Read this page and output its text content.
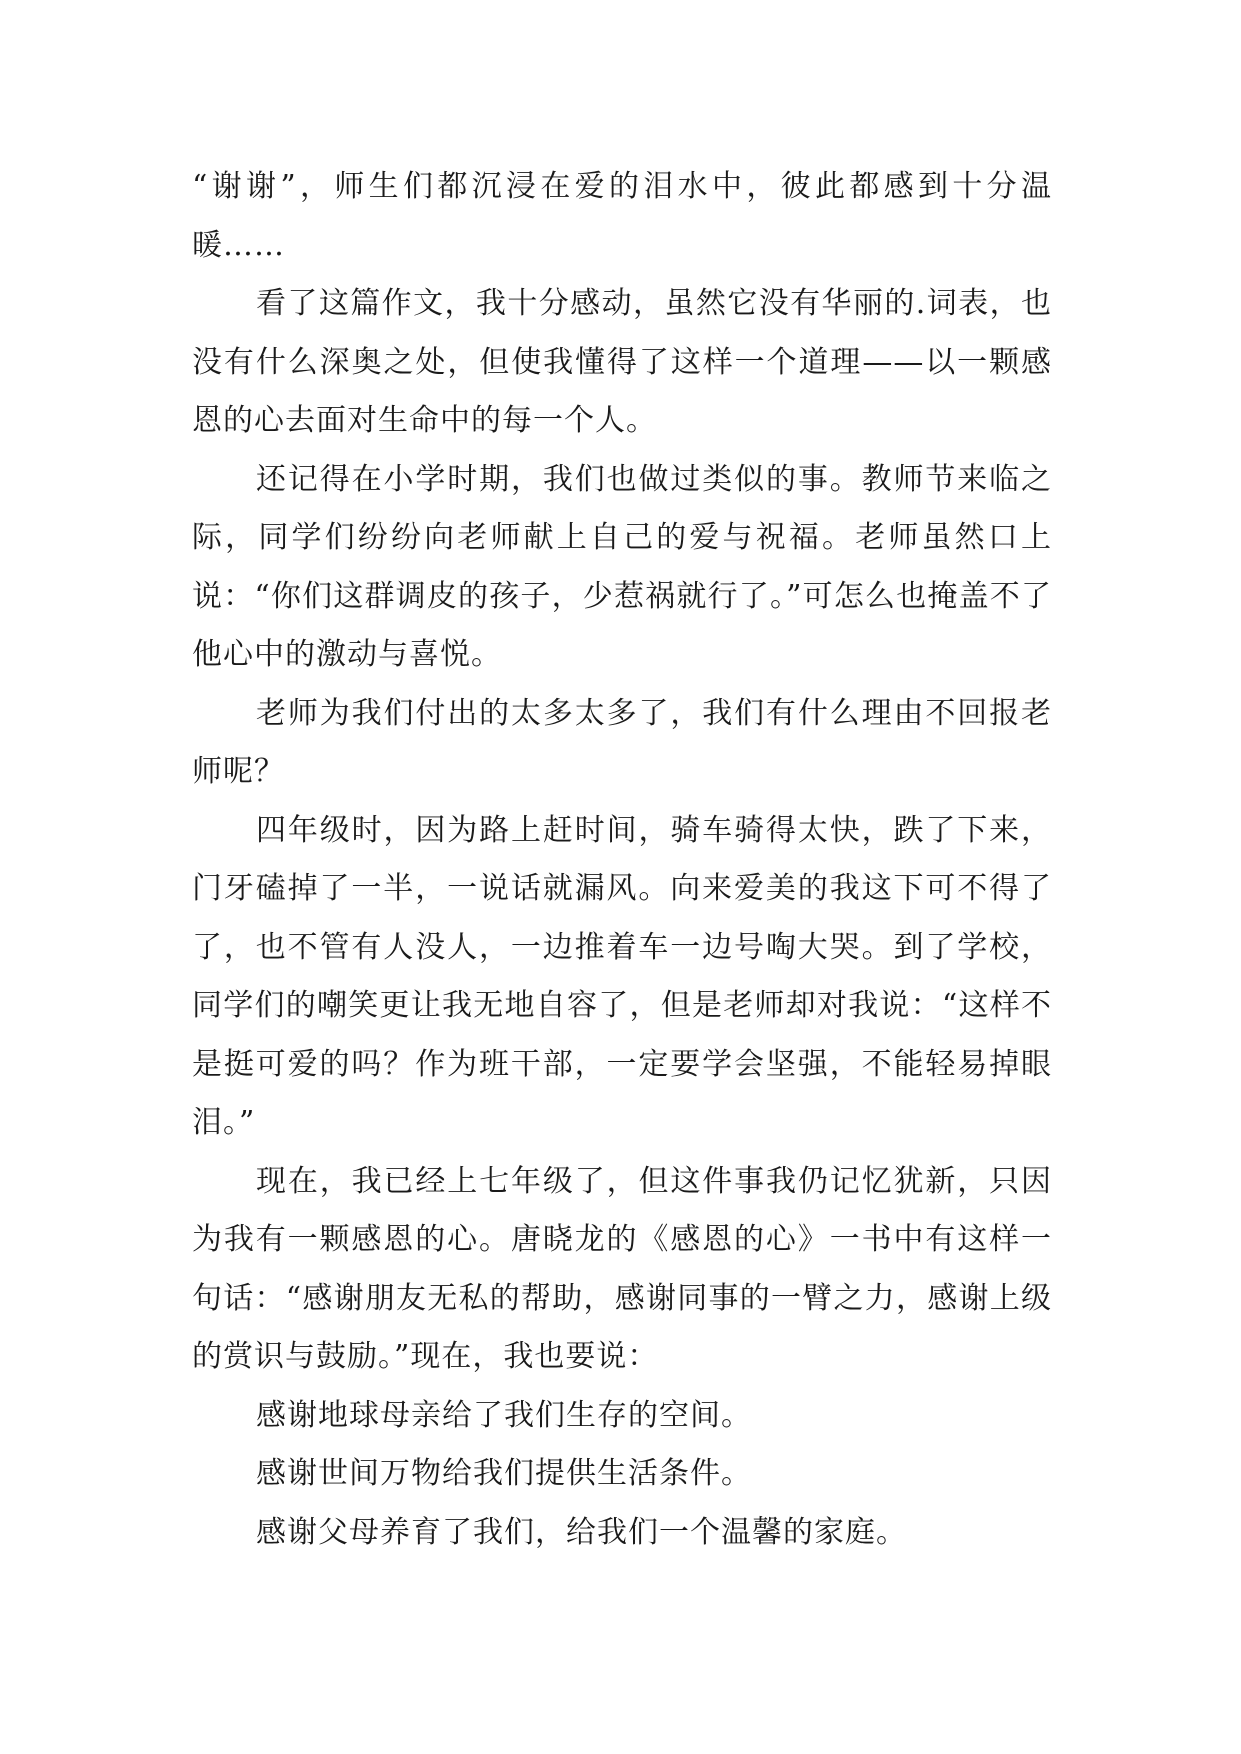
“谢谢”，师生们都沉浸在爱的泪水中，彼此都感到十分温暖……

看了这篇作文，我十分感动，虽然它没有华丽的.词表，也没有什么深奥之处，但使我懂得了这样一个道理——以一颗感恩的心去面对生命中的每一个人。

还记得在小学时期，我们也做过类似的事。教师节来临之际，同学们纷纷向老师献上自己的爱与祝福。老师虽然口上说：“你们这群调皮的孩子，少惹祸就行了。”可怎么也掩盖不了他心中的激动与喜悦。

老师为我们付出的太多太多了，我们有什么理由不回报老师呢？

四年级时，因为路上赶时间，骑车骑得太快，跌了下来，门牙磕掉了一半，一说话就漏风。向来爱美的我这下可不得了了，也不管有人没人，一边推着车一边号啕大哭。到了学校，同学们的嘲笑更让我无地自容了，但是老师却对我说：“这样不是挺可爱的吗？作为班干部，一定要学会坚强，不能轻易掉眼泪。”

现在，我已经上七年级了，但这件事我仍记忆犹新，只因为我有一颗感恩的心。唐晓龙的《感恩的心》一书中有这样一句话：“感谢朋友无私的帮助，感谢同事的一臂之力，感谢上级的赏识与鼓励。”现在，我也要说：

感谢地球母亲给了我们生存的空间。

感谢世间万物给我们提供生活条件。

感谢父母养育了我们，给我们一个温馨的家庭。
